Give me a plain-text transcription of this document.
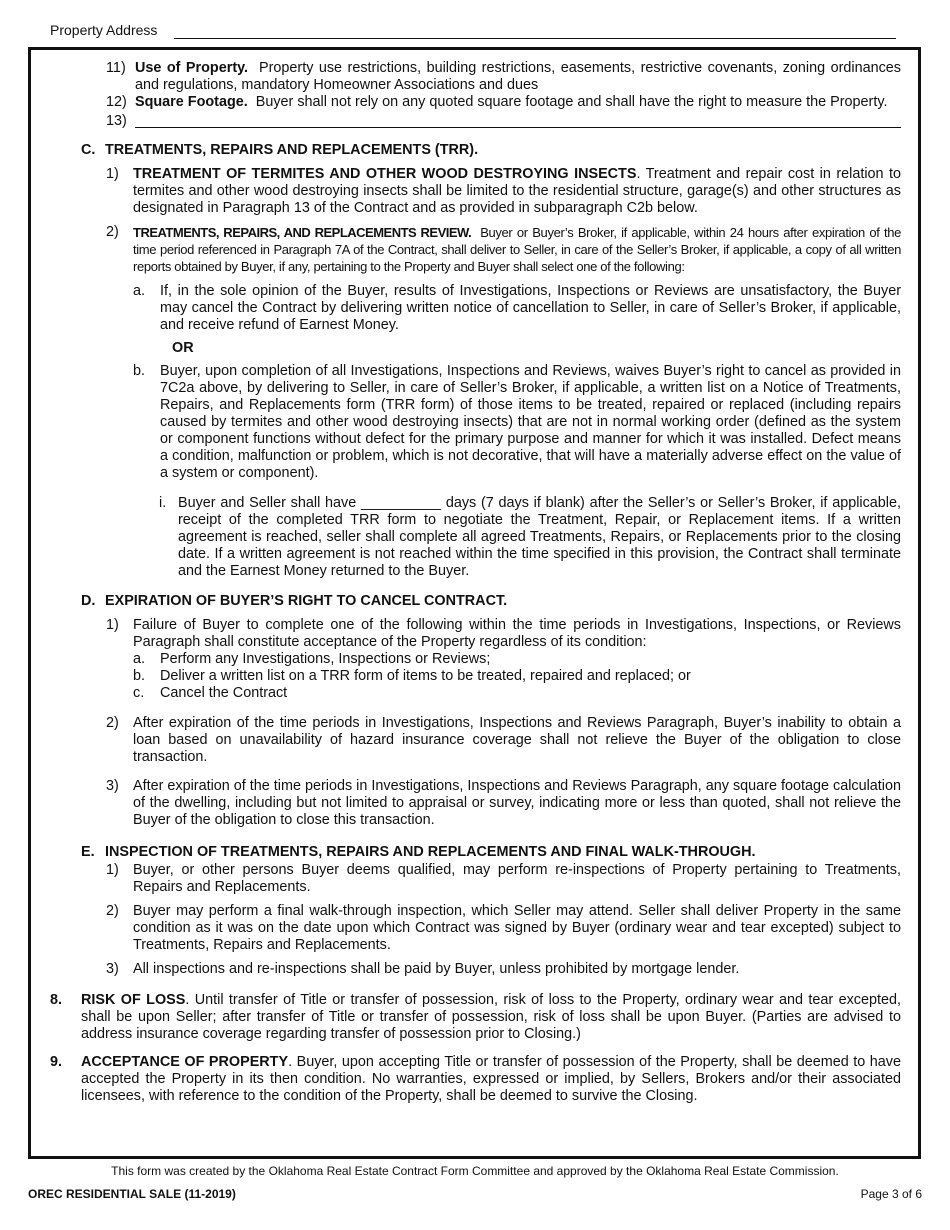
Property Address
11) Use of Property. Property use restrictions, building restrictions, easements, restrictive covenants, zoning ordinances and regulations, mandatory Homeowner Associations and dues
12) Square Footage. Buyer shall not rely on any quoted square footage and shall have the right to measure the Property.
13)
C. TREATMENTS, REPAIRS AND REPLACEMENTS (TRR).
1) TREATMENT OF TERMITES AND OTHER WOOD DESTROYING INSECTS. Treatment and repair cost in relation to termites and other wood destroying insects shall be limited to the residential structure, garage(s) and other structures as designated in Paragraph 13 of the Contract and as provided in subparagraph C2b below.
2) TREATMENTS, REPAIRS, AND REPLACEMENTS REVIEW. Buyer or Buyer’s Broker, if applicable, within 24 hours after expiration of the time period referenced in Paragraph 7A of the Contract, shall deliver to Seller, in care of the Seller’s Broker, if applicable, a copy of all written reports obtained by Buyer, if any, pertaining to the Property and Buyer shall select one of the following:
a. If, in the sole opinion of the Buyer, results of Investigations, Inspections or Reviews are unsatisfactory, the Buyer may cancel the Contract by delivering written notice of cancellation to Seller, in care of Seller’s Broker, if applicable, and receive refund of Earnest Money.
OR
b. Buyer, upon completion of all Investigations, Inspections and Reviews, waives Buyer’s right to cancel as provided in 7C2a above, by delivering to Seller, in care of Seller’s Broker, if applicable, a written list on a Notice of Treatments, Repairs, and Replacements form (TRR form) of those items to be treated, repaired or replaced (including repairs caused by termites and other wood destroying insects) that are not in normal working order (defined as the system or component functions without defect for the primary purpose and manner for which it was installed. Defect means a condition, malfunction or problem, which is not decorative, that will have a materially adverse effect on the value of a system or component).
i. Buyer and Seller shall have __________ days (7 days if blank) after the Seller’s or Seller’s Broker, if applicable, receipt of the completed TRR form to negotiate the Treatment, Repair, or Replacement items. If a written agreement is reached, seller shall complete all agreed Treatments, Repairs, or Replacements prior to the closing date. If a written agreement is not reached within the time specified in this provision, the Contract shall terminate and the Earnest Money returned to the Buyer.
D. EXPIRATION OF BUYER’S RIGHT TO CANCEL CONTRACT.
1) Failure of Buyer to complete one of the following within the time periods in Investigations, Inspections, or Reviews Paragraph shall constitute acceptance of the Property regardless of its condition:
a. Perform any Investigations, Inspections or Reviews;
b. Deliver a written list on a TRR form of items to be treated, repaired and replaced; or
c. Cancel the Contract
2) After expiration of the time periods in Investigations, Inspections and Reviews Paragraph, Buyer’s inability to obtain a loan based on unavailability of hazard insurance coverage shall not relieve the Buyer of the obligation to close transaction.
3) After expiration of the time periods in Investigations, Inspections and Reviews Paragraph, any square footage calculation of the dwelling, including but not limited to appraisal or survey, indicating more or less than quoted, shall not relieve the Buyer of the obligation to close this transaction.
E. INSPECTION OF TREATMENTS, REPAIRS AND REPLACEMENTS AND FINAL WALK-THROUGH.
1) Buyer, or other persons Buyer deems qualified, may perform re-inspections of Property pertaining to Treatments, Repairs and Replacements.
2) Buyer may perform a final walk-through inspection, which Seller may attend. Seller shall deliver Property in the same condition as it was on the date upon which Contract was signed by Buyer (ordinary wear and tear excepted) subject to Treatments, Repairs and Replacements.
3) All inspections and re-inspections shall be paid by Buyer, unless prohibited by mortgage lender.
8. RISK OF LOSS. Until transfer of Title or transfer of possession, risk of loss to the Property, ordinary wear and tear excepted, shall be upon Seller; after transfer of Title or transfer of possession, risk of loss shall be upon Buyer. (Parties are advised to address insurance coverage regarding transfer of possession prior to Closing.)
9. ACCEPTANCE OF PROPERTY. Buyer, upon accepting Title or transfer of possession of the Property, shall be deemed to have accepted the Property in its then condition. No warranties, expressed or implied, by Sellers, Brokers and/or their associated licensees, with reference to the condition of the Property, shall be deemed to survive the Closing.
This form was created by the Oklahoma Real Estate Contract Form Committee and approved by the Oklahoma Real Estate Commission.
OREC RESIDENTIAL SALE (11-2019)	Page 3 of 6
